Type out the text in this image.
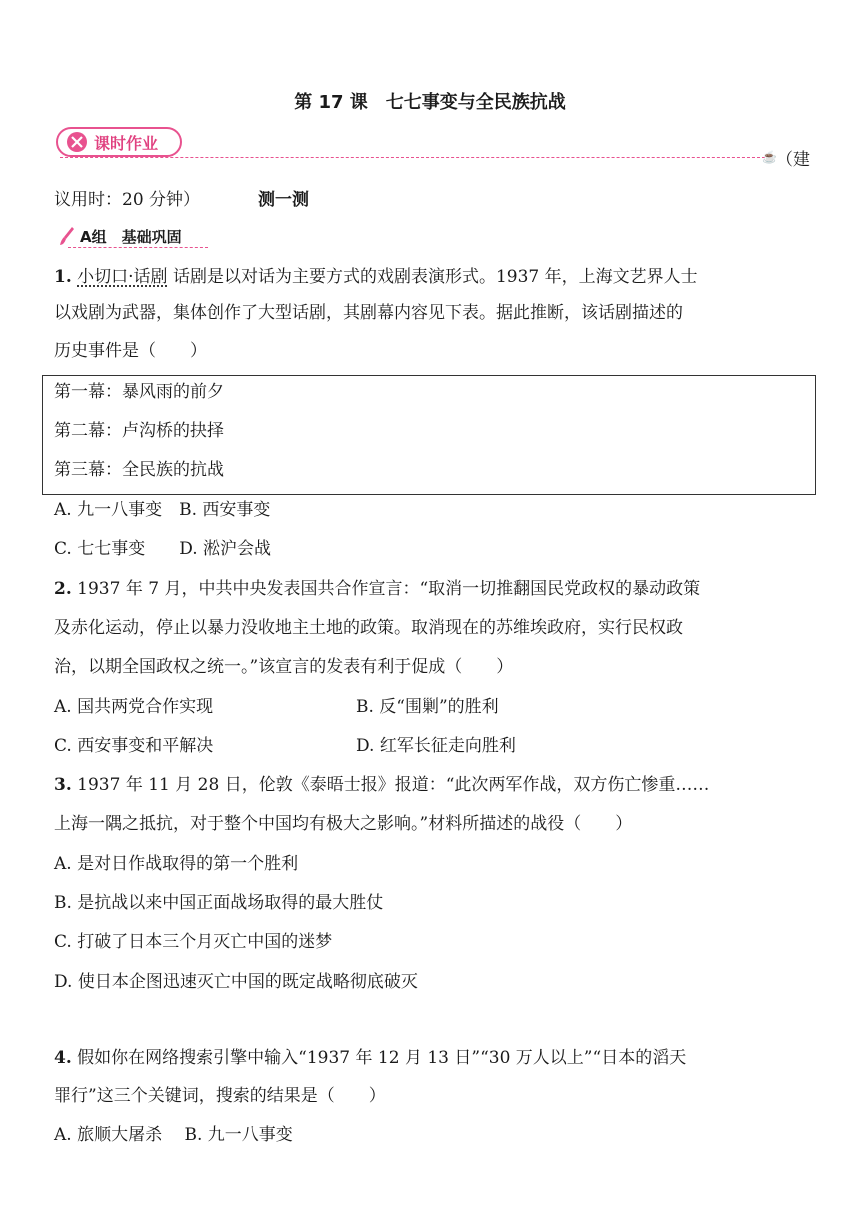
第 17 课　七七事变与全民族抗战
课时作业
☕ （建
议用时：20 分钟）	测一测
A组　基础巩固
1. 小切口·话剧 话剧是以对话为主要方式的戏剧表演形式。1937 年，上海文艺界人士
以戏剧为武器，集体创作了大型话剧，其剧幕内容见下表。据此推断，该话剧描述的
历史事件是（　　）
第一幕：暴风雨的前夕
第二幕：卢沟桥的抉择
第三幕：全民族的抗战
A. 九一八事变　B. 西安事变
C. 七七事变　　D. 淞沪会战
2. 1937 年 7 月，中共中央发表国共合作宣言：“取消一切推翻国民党政权的暴动政策
及赤化运动，停止以暴力没收地主土地的政策。取消现在的苏维埃政府，实行民权政
治，以期全国政权之统一。”该宣言的发表有利于促成（　　）
A. 国共两党合作实现	B. 反“围剿”的胜利
C. 西安事变和平解决	D. 红军长征走向胜利
3. 1937 年 11 月 28 日，伦敦《泰晤士报》报道：“此次两军作战，双方伤亡惨重……
上海一隅之抵抗，对于整个中国均有极大之影响。”材料所描述的战役（　　）
A. 是对日作战取得的第一个胜利
B. 是抗战以来中国正面战场取得的最大胜仗
C. 打破了日本三个月灭亡中国的迷梦
D. 使日本企图迅速灭亡中国的既定战略彻底破灭
4. 假如你在网络搜索引擎中输入“1937 年 12 月 13 日”“30 万人以上”“日本的滔天
罪行”这三个关键词，搜索的结果是（　　）
A. 旅顺大屠杀　 B. 九一八事变
